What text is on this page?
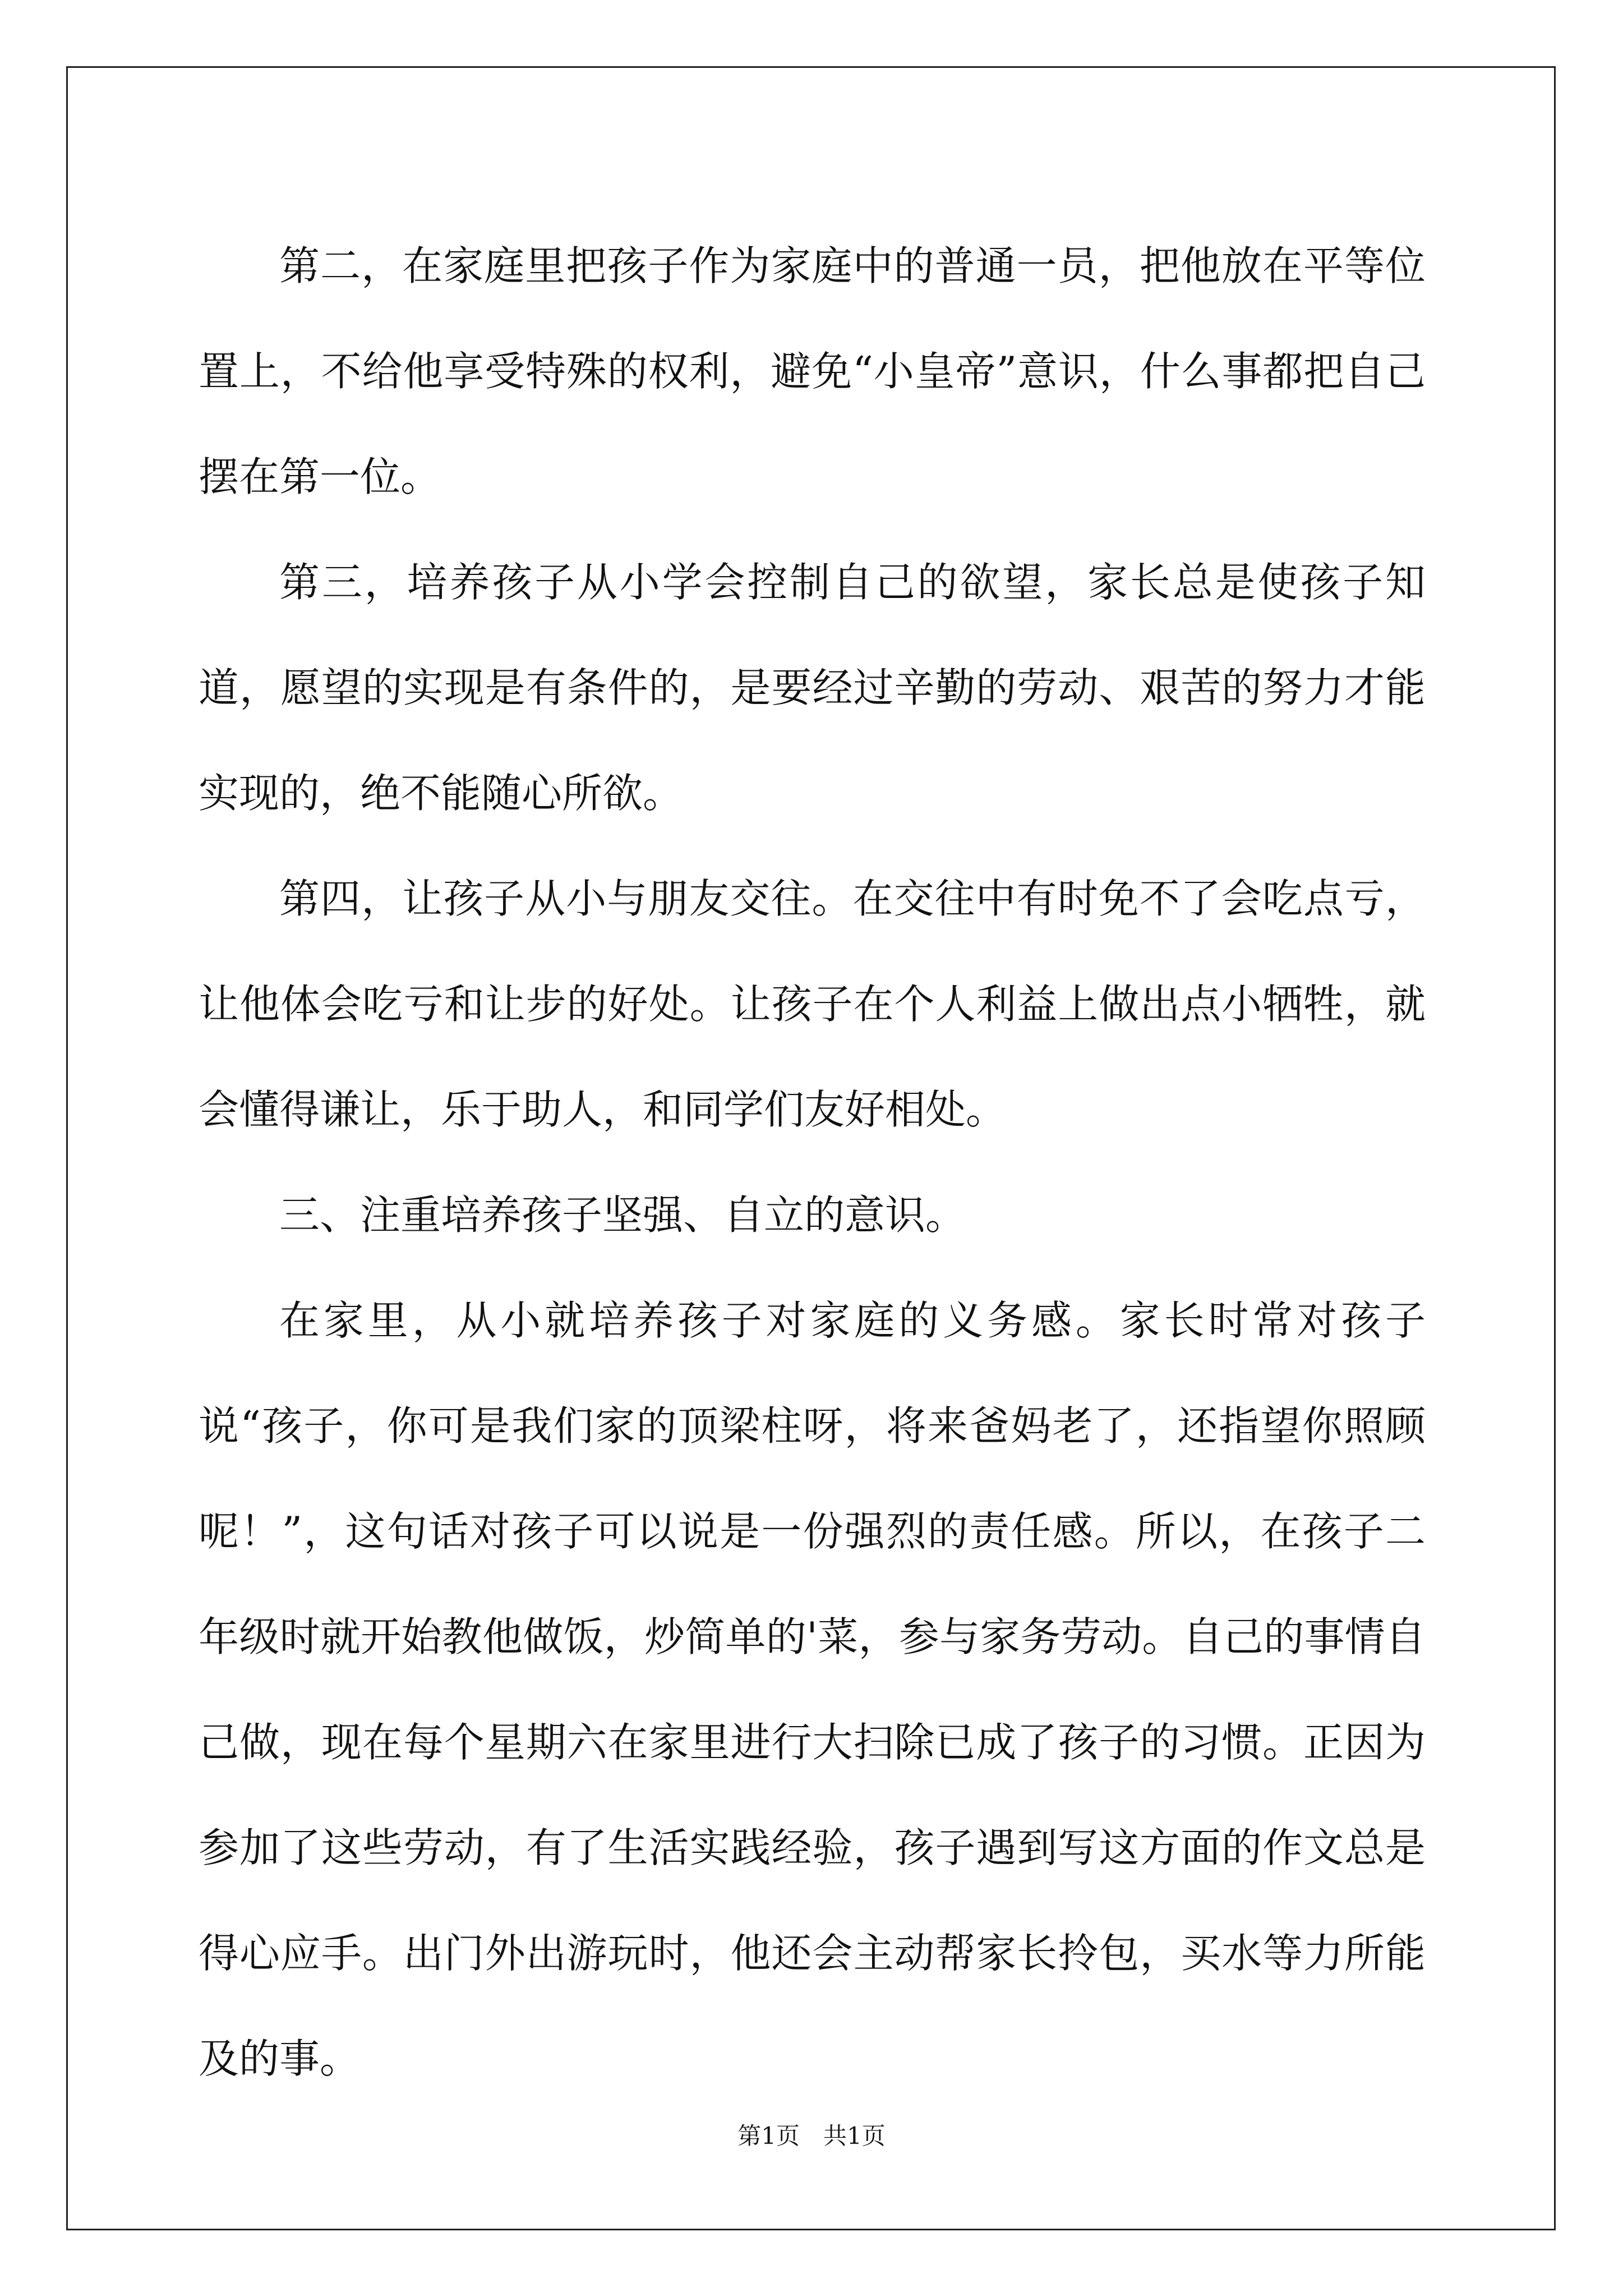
第二，在家庭里把孩子作为家庭中的普通一员，把他放在平等位置上，不给他享受特殊的权利，避免“小皇帝”意识，什么事都把自己摆在第一位。

第三，培养孩子从小学会控制自己的欲望，家长总是使孩子知道，愿望的实现是有条件的，是要经过辛勤的劳动、艰苦的努力才能实现的，绝不能随心所欲。

第四，让孩子从小与朋友交往。在交往中有时免不了会吃点亏，让他体会吃亏和让步的好处。让孩子在个人利益上做出点小牺牲，就会懂得谦让，乐于助人，和同学们友好相处。

三、注重培养孩子坚强、自立的意识。

在家里，从小就培养孩子对家庭的义务感。家长时常对孩子说“孩子，你可是我们家的顶梁柱呀，将来爸妈老了，还指望你照顾呢！”，这句话对孩子可以说是一份强烈的责任感。所以，在孩子二年级时就开始教他做饭，炒简单的'菜，参与家务劳动。自己的事情自己做，现在每个星期六在家里进行大扫除已成了孩子的习惯。正因为参加了这些劳动，有了生活实践经验，孩子遇到写这方面的作文总是得心应手。出门外出游玩时，他还会主动帮家长拎包，买水等力所能及的事。

第1页　共1页
